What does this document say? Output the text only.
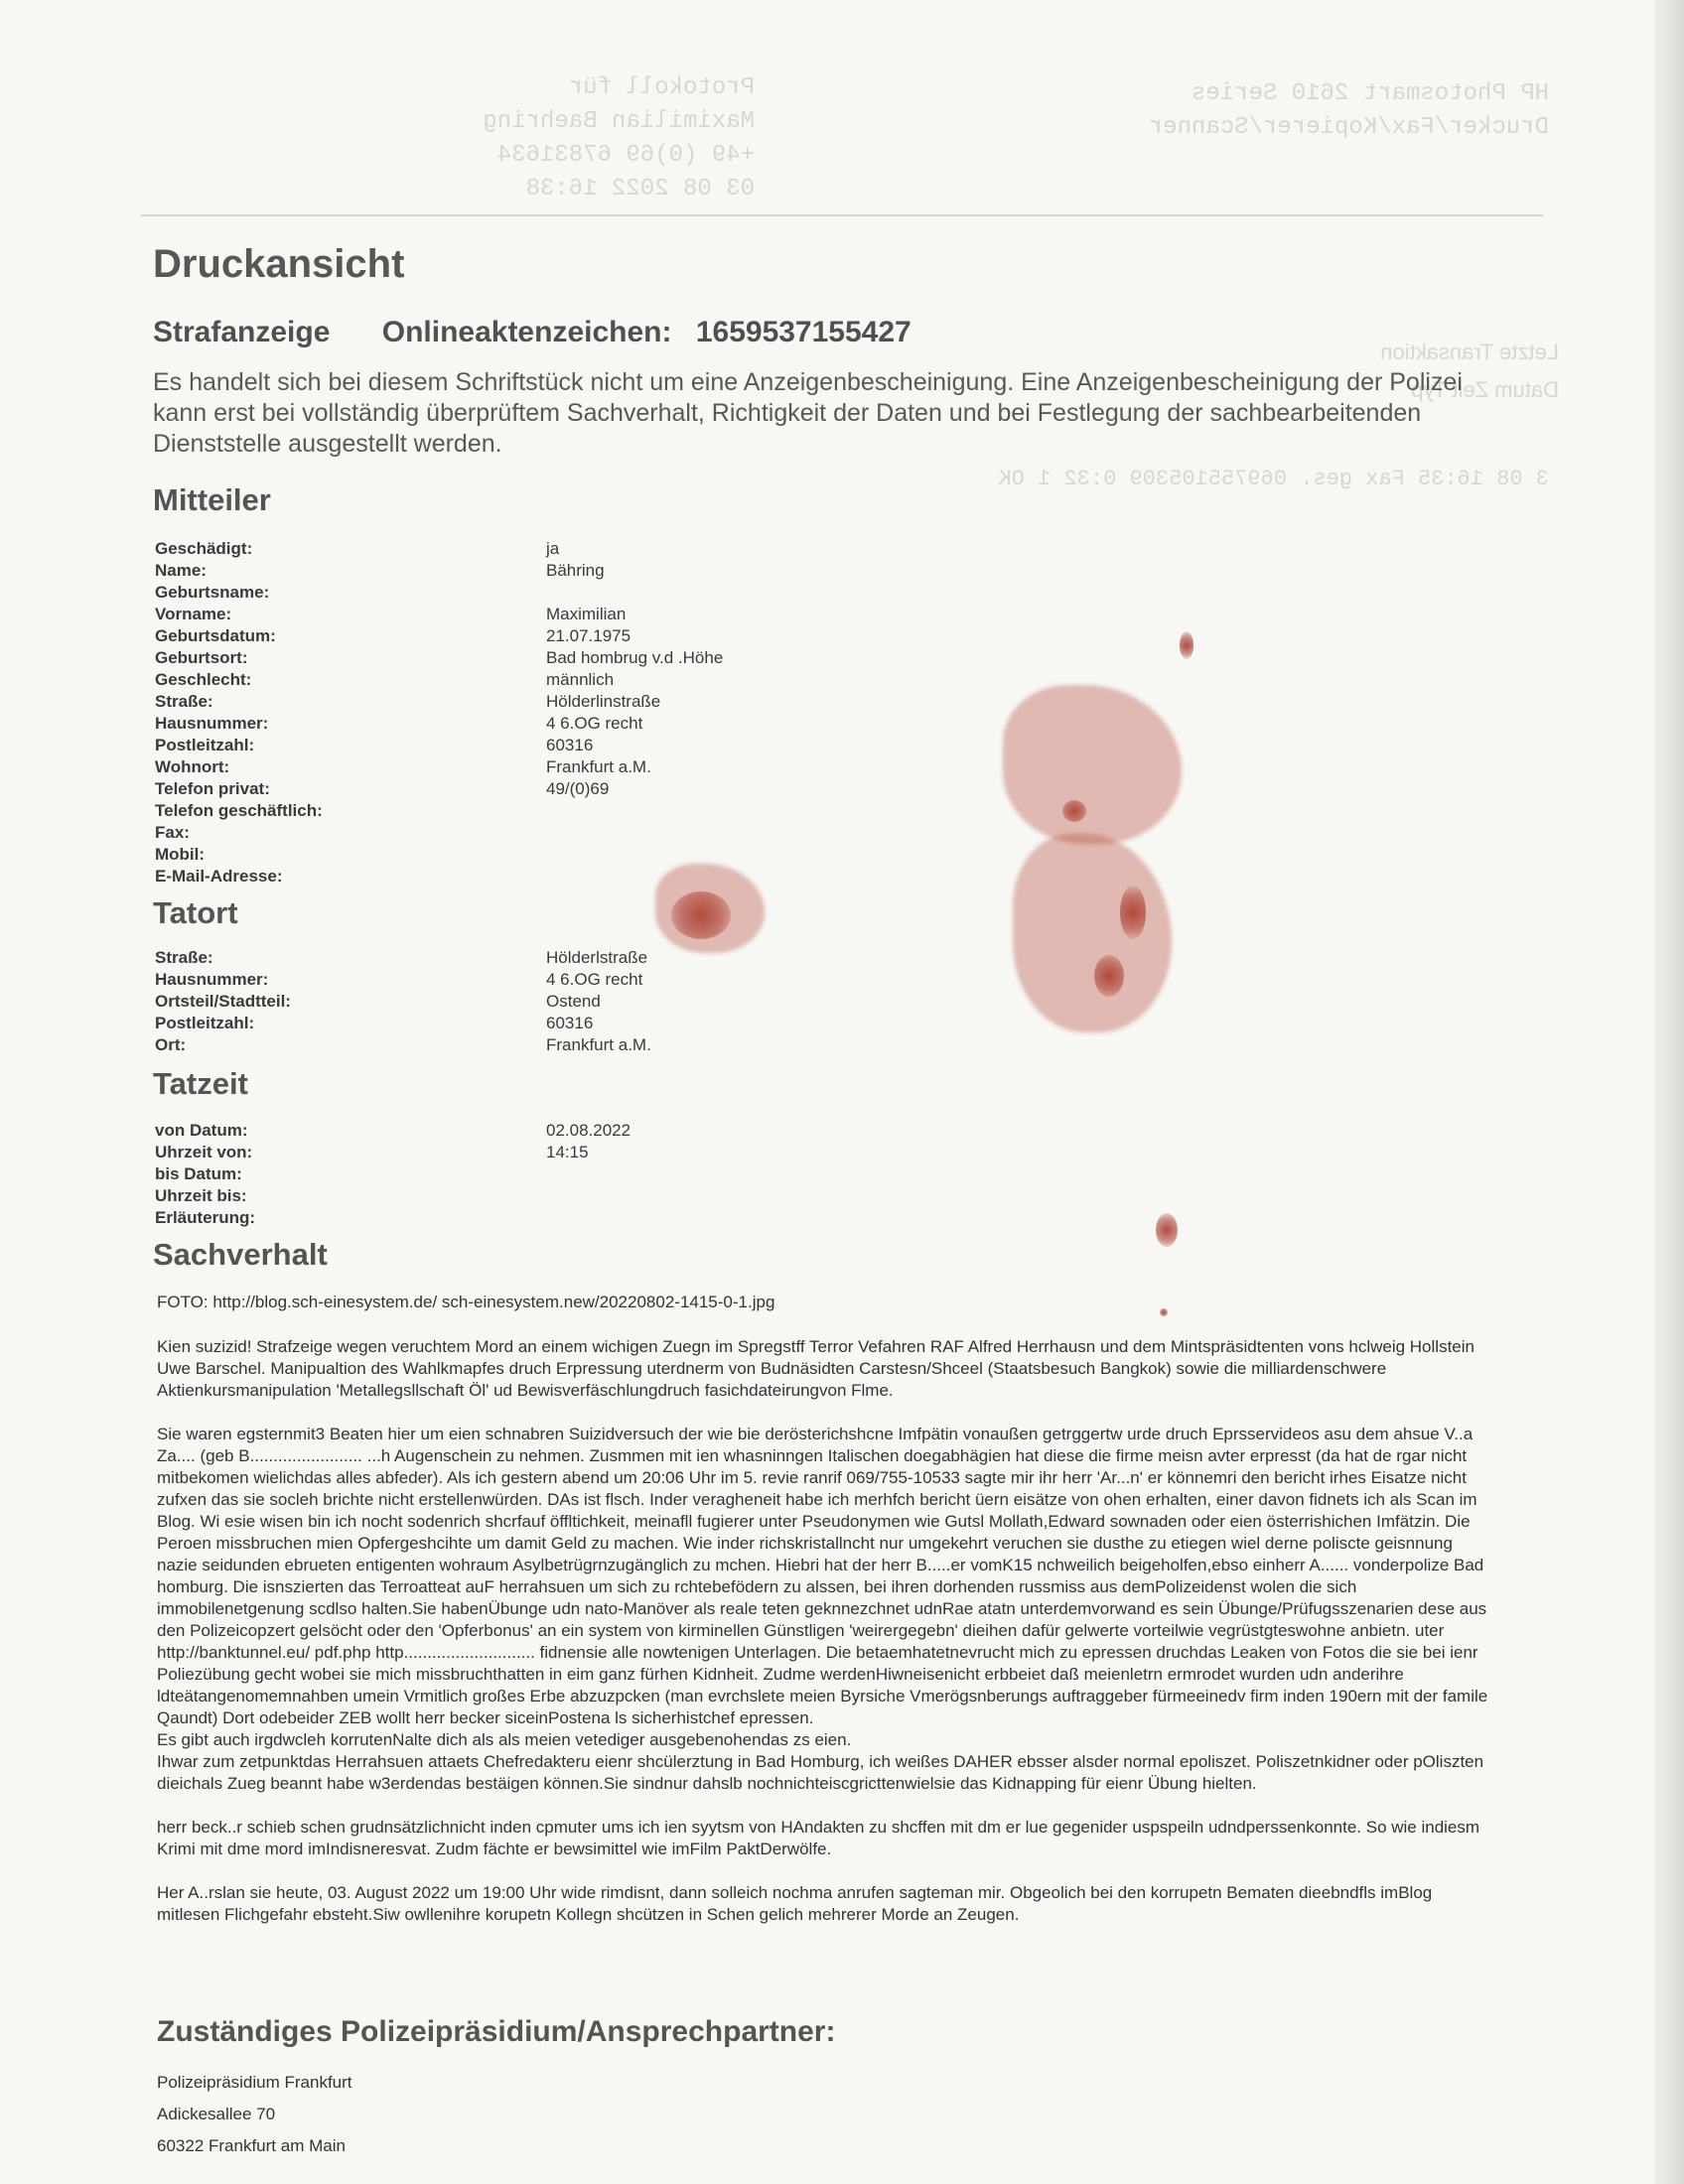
Protokoll für
Maximilian Baehring
+49 (0)69 67831634
03 08 2022 16:38
HP Photosmart 2610 Series
Drucker/Fax/Kopierer/Scanner
Letzte Transaktion
Datum Zeit Typ
3 08 16:35 Fax ges. 069755105309 0:32 1 OK
Druckansicht
Strafanzeige Onlineaktenzeichen: 1659537155427
Es handelt sich bei diesem Schriftstück nicht um eine Anzeigenbescheinigung. Eine Anzeigenbescheinigung der Polizei kann erst bei vollständig überprüftem Sachverhalt, Richtigkeit der Daten und bei Festlegung der sachbearbeitenden Dienststelle ausgestellt werden.
Mitteiler
Geschädigt:	ja
Name:	Bähring
Geburtsname:
Vorname:	Maximilian
Geburtsdatum:	21.07.1975
Geburtsort:	Bad hombrug v.d .Höhe
Geschlecht:	männlich
Straße:	Hölderlinstraße
Hausnummer:	4 6.OG recht
Postleitzahl:	60316
Wohnort:	Frankfurt a.M.
Telefon privat:	49/(0)69
Telefon geschäftlich:
Fax:
Mobil:
E-Mail-Adresse:
Tatort
Straße:	Hölderlstraße
Hausnummer:	4 6.OG recht
Ortsteil/Stadtteil:	Ostend
Postleitzahl:	60316
Ort:	Frankfurt a.M.
Tatzeit
von Datum:	02.08.2022
Uhrzeit von:	14:15
bis Datum:
Uhrzeit bis:
Erläuterung:
Sachverhalt
FOTO: http://blog.sch-einesystem.de/ sch-einesystem.new/20220802-1415-0-1.jpg

Kien suzizid! Strafzeige wegen veruchtem Mord an einem wichigen Zuegn im Spregstff Terror Vefahren RAF Alfred Herrhausn und dem Mintspräsidtenten vons hclweig Hollstein Uwe Barschel. Manipualtion des Wahlkmapfes druch Erpressung uterdnerm von Budnäsidten Carstesn/Shceel (Staatsbesuch Bangkok) sowie die milliardenschwere Aktienkursmanipulation 'Metallegsllschaft Öl' ud Bewisverfäschlungdruch fasichdateirungvon Flme.

Sie waren egsternmit3 Beaten hier um eien schnabren Suizidversuch der wie bie derösterichshcne Imfpätin vonaußen getrggertw urde druch Eprsservideos asu dem ahsue V..a Za.... (geb B........................ ...h Augenschein zu nehmen. Zusmmen mit ien whasninngen Italischen doegabhägien hat diese die firme meisn avter erpresst (da hat de rgar nicht mitbekomen wielichdas alles abfeder). Als ich gestern abend um 20:06 Uhr im 5. revie ranrif 069/755-10533 sagte mir ihr herr 'Ar...n' er könnemri den bericht irhes Eisatze nicht zufxen das sie socleh brichte nicht erstellenwürden. DAs ist flsch. Inder veragheneit habe ich merhfch bericht üern eisätze von ohen erhalten, einer davon fidnets ich als Scan im Blog. Wi esie wisen bin ich nocht sodenrich shcrfauf öffltichkeit, meinafll fugierer unter Pseudonymen wie Gutsl Mollath,Edward sownaden oder eien österrishichen Imfätzin. Die Peroen missbruchen mien Opfergeshcihte um damit Geld zu machen. Wie inder richskristallncht nur umgekehrt veruchen sie dusthe zu etiegen wiel derne poliscte geisnnung nazie seidunden ebrueten entigenten wohraum Asylbetrügrnzugänglich zu mchen. Hiebri hat der herr B.....er vomK15 nchweilich beigeholfen,ebso einherr A...... vonderpolize Bad homburg. Die isnszierten das Terroatteat auF herrahsuen um sich zu rchtebefödern zu alssen, bei ihren dorhenden russmiss aus demPolizeidenst wolen die sich immobilenetgenung scdlso halten.Sie habenÜbunge udn nato-Manöver als reale teten geknnezchnet udnRae atatn unterdemvorwand es sein Übunge/Prüfugsszenarien dese aus den Polizeicopzert gelsöcht oder den 'Opferbonus' an ein system von kirminellen Günstligen 'weirergegebn' dieihen dafür gelwerte vorteilwie vegrüstgteswohne anbietn. uter http://banktunnel.eu/ pdf.php http............................ fidnensie alle nowtenigen Unterlagen. Die betaemhatetnevrucht mich zu epressen druchdas Leaken von Fotos die sie bei ienr Poliezübung gecht wobei sie mich missbruchthatten in eim ganz fürhen Kidnheit. Zudme werdenHiwneisenicht erbbeiet daß meienletrn ermrodet wurden udn anderihre ldteätangenomemnahben umein Vrmitlich großes Erbe abzuzpcken (man evrchslete meien Byrsiche Vmerögsnberungs auftraggeber fürmeeinedv firm inden 190ern mit der famile Qaundt) Dort odebeider ZEB wollt herr becker siceinPostena ls sicherhistchef epressen.

Es gibt auch irgdwcleh korrutenNalte dich als als meien vetediger ausgebenohendas zs eien.

Ihwar zum zetpunktdas Herrahsuen attaets Chefredakteru eienr shcülerztung in Bad Homburg, ich weißes DAHER ebsser alsder normal epoliszet. Poliszetnkidner oder pOliszten dieichals Zueg beannt habe w3erdendas bestäigen können.Sie sindnur dahslb nochnichteiscgricttenwielsie das Kidnapping für eienr Übung hielten.

herr beck..r schieb schen grudnsätzlichnicht inden cpmuter ums ich ien syytsm von HAndakten zu shcffen mit dm er lue gegenider uspspeiln udndperssenkonnte. So wie indiesm Krimi mit dme mord imIndisneresvat. Zudm fächte er bewsimittel wie imFilm PaktDerwölfe.

Her A..rslan sie heute, 03. August 2022 um 19:00 Uhr wide rimdisnt, dann solleich nochma anrufen sagteman mir. Obgeolich bei den korrupetn Bematen dieebndfls imBlog mitlesen Flichgefahr ebsteht.Siw owllenihre korupetn Kollegn shcützen in Schen gelich mehrerer Morde an Zeugen.

Zuständiges Polizeipräsidium/Ansprechpartner:
Polizeipräsidium Frankfurt
Adickesallee 70
60322 Frankfurt am Main
